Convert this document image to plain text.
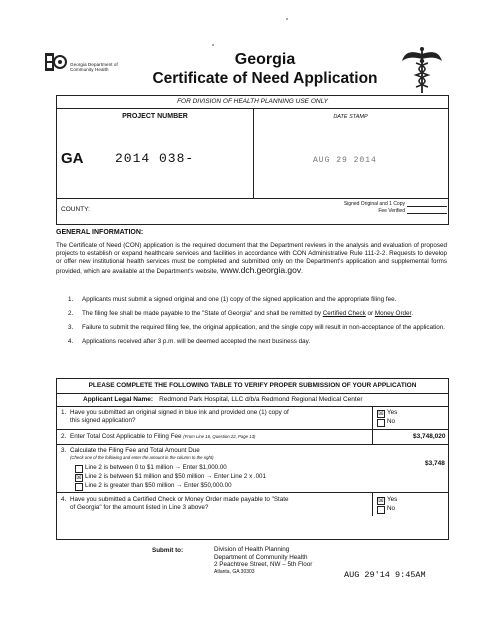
Georgia Department of
Community Health
Georgia
Certificate of Need Application
FOR DIVISION OF HEALTH PLANNING USE ONLY
PROJECT NUMBER	DATE STAMP
GA 2014 038-	AUG 29 2014
COUNTY:
Signed Original and 1 Copy
Fee Verified
GENERAL INFORMATION:
The Certificate of Need (CON) application is the required document that the Department reviews in the analysis and evaluation of proposed projects to establish or expand healthcare services and facilities in accordance with CON Administrative Rule 111-2-2. Requests to develop or offer new institutional health services must be completed and submitted only on the Department's application and supplemental forms provided, which are available at the Department's website, www.dch.georgia.gov.
1.	Applicants must submit a signed original and one (1) copy of the signed application and the appropriate filing fee.
2.	The filing fee shall be made payable to the "State of Georgia" and shall be remitted by Certified Check or Money Order.
3.	Failure to submit the required filing fee, the original application, and the single copy will result in non-acceptance of the application.
4.	Applications received after 3 p.m. will be deemed accepted the next business day.
PLEASE COMPLETE THE FOLLOWING TABLE TO VERIFY PROPER SUBMISSION OF YOUR APPLICATION
Applicant Legal Name: Redmond Park Hospital, LLC d/b/a Redmond Regional Medical Center
1. Have you submitted an original signed in blue ink and provided one (1) copy of
this signed application?
☒ Yes
No
2. Enter Total Cost Applicable to Filing Fee (From Line 16, Question 22, Page 13)	$3,748,020
3. Calculate the Filing Fee and Total Amount Due
(Check one of the following and enter the amount in the column to the right)
Line 2 is between 0 to $1 million → Enter $1,000.00
☒ Line 2 is between $1 million and $50 million → Enter Line 2 x .001
Line 2 is greater than $50 million → Enter $50,000.00
$3,748
4. Have you submitted a Certified Check or Money Order made payable to "State
of Georgia" for the amount listed in Line 3 above?
☒ Yes
No
Submit to:	Division of Health Planning
Department of Community Health
2 Peachtree Street, NW – 5th Floor
Atlanta, GA 30303	AUG 29'14 9:45AM
